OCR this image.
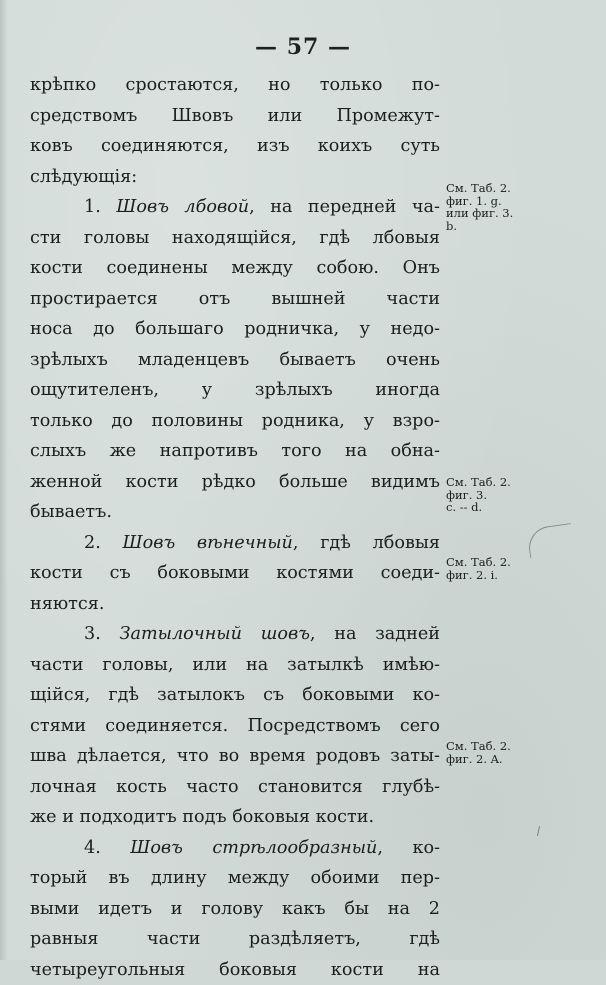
— 57 —
крѣпко сростаются, но только по-
средствомъ Швовъ или Промежут-
ковъ соединяются, изъ коихъ суть
слѣдующія:
1. Шовъ лбовой, на передней ча-
сти головы находящійся, гдѣ лбовыя
кости соединены между собою. Онъ
простирается отъ вышней части
носа до большаго родничка, у недо-
зрѣлыхъ младенцевъ бываетъ очень
ощутителенъ, у зрѣлыхъ иногда
только до половины родника, у взро-
слыхъ же напротивъ того на обна-
женной кости рѣдко больше видимъ
бываетъ.
2. Шовъ вѣнечный, гдѣ лбовыя
кости съ боковыми костями соеди-
няются.
3. Затылочный шовъ, на задней
части головы, или на затылкѣ имѣю-
щійся, гдѣ затылокъ съ боковыми ко-
стями соединяется. Посредствомъ сего
шва дѣлается, что во время родовъ заты-
лочная кость часто становится глубѣ-
же и подходитъ подъ боковыя кости.
4. Шовъ стрѣлообразный, ко-
торый въ длину между обоими пер-
выми идетъ и голову какъ бы на 2
равныя части раздѣляетъ, гдѣ
четыреугольныя боковыя кости на
См. Таб. 2.
фиг. 1. g.
или фиг. 3.
b.
См. Таб. 2.
фиг. 3.
c. -- d.
См. Таб. 2.
фиг. 2. i.
См. Таб. 2.
фиг. 2. A.
